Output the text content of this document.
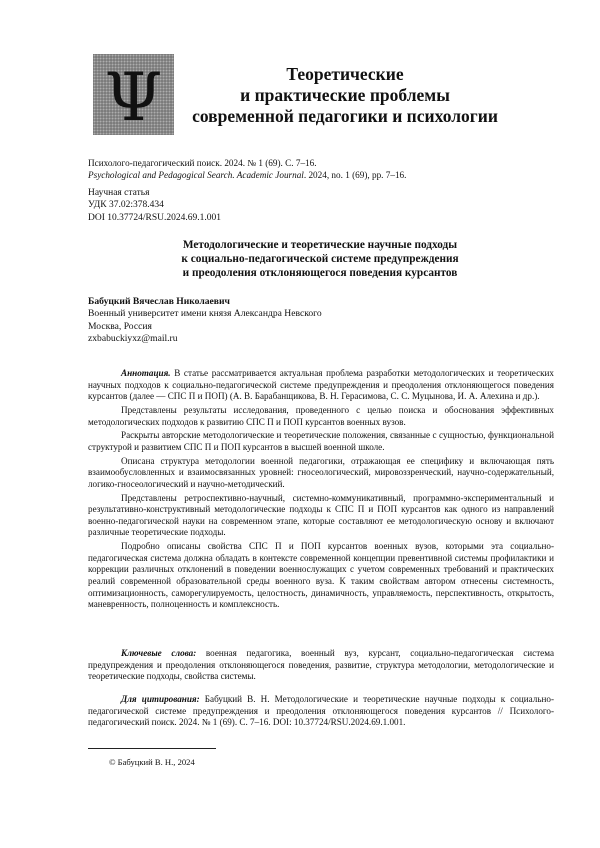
Ψ	Теоретические
и практические проблемы
современной педагогики и психологии
Психолого-педагогический поиск. 2024. № 1 (69). С. 7–16.
Psychological and Pedagogical Search. Academic Journal. 2024, no. 1 (69), pp. 7–16.
Научная статья
УДК 37.02:378.434
DOI 10.37724/RSU.2024.69.1.001
Методологические и теоретические научные подходы
к социально-педагогической системе предупреждения
и преодоления отклоняющегося поведения курсантов
Бабуцкий Вячеслав Николаевич
Военный университет имени князя Александра Невского
Москва, Россия
zxbabuckiyxz@mail.ru

Аннотация. В статье рассматривается актуальная проблема разработки методологических и теоретических научных подходов к социально-педагогической системе предупреждения и преодоления отклоняющегося поведения курсантов (далее — СПС П и ПОП) (А. В. Барабанщикова, В. Н. Герасимова, С. С. Муцынова, И. А. Алехина и др.).

Представлены результаты исследования, проведенного с целью поиска и обоснования эффективных методологических подходов к развитию СПС П и ПОП курсантов военных вузов.

Раскрыты авторские методологические и теоретические положения, связанные с сущностью, функциональной структурой и развитием СПС П и ПОП курсантов в высшей военной школе.

Описана структура методологии военной педагогики, отражающая ее специфику и включающая пять взаимообусловленных и взаимосвязанных уровней: гносеологический, мировоззренческий, научно-содержательный, логико-гносеологический и научно-методический.

Представлены ретроспективно-научный, системно-коммуникативный, программно-экспериментальный и результативно-конструктивный методологические подходы к СПС П и ПОП курсантов как одного из направлений военно-педагогической науки на современном этапе, которые составляют ее методологическую основу и включают различные теоретические подходы.

Подробно описаны свойства СПС П и ПОП курсантов военных вузов, которыми эта социально-педагогическая система должна обладать в контексте современной концепции превентивной системы профилактики и коррекции различных отклонений в поведении военнослужащих с учетом современных требований и практических реалий современной образовательной среды военного вуза. К таким свойствам автором отнесены системность, оптимизационность, саморегулируемость, целостность, динамичность, управляемость, перспективность, открытость, маневренность, полноценность и комплексность.

Ключевые слова: военная педагогика, военный вуз, курсант, социально-педагогическая система предупреждения и преодоления отклоняющегося поведения, развитие, структура методологии, методологические и теоретические подходы, свойства системы.
Для цитирования: Бабуцкий В. Н. Методологические и теоретические научные подходы к социально-педагогической системе предупреждения и преодоления отклоняющегося поведения курсантов // Психолого-педагогический поиск. 2024. № 1 (69). С. 7–16. DOI: 10.37724/RSU.2024.69.1.001.
© Бабуцкий В. Н., 2024
